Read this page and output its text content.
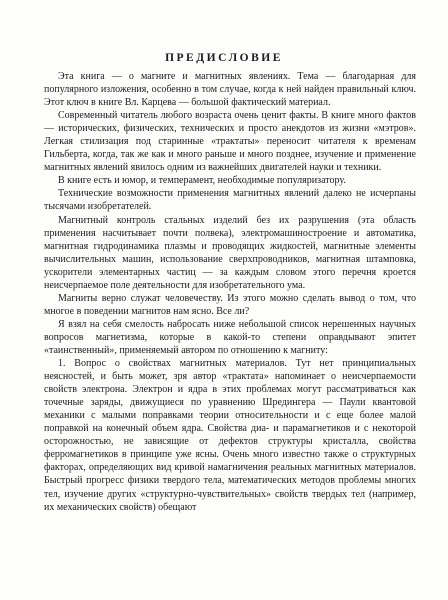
ПРЕДИСЛОВИЕ

Эта книга — о магните и магнитных явлениях. Тема — благодарная для популярного изложения, особенно в том случае, когда к ней найден правильный ключ. Этот ключ в книге Вл. Карцева — большой фактический материал.

Современный читатель любого возраста очень ценит факты. В книге много фактов — исторических, физических, технических и просто анекдотов из жизни «мэтров». Легкая стилизация под старинные «трактаты» переносит читателя к временам Гильберта, когда, так же как и много раньше и много позднее, изучение и применение магнитных явлений явилось одним из важнейших двигателей науки и техники.

В книге есть и юмор, и темперамент, необходимые популяризатору.

Технические возможности применения магнитных явлений далеко не исчерпаны тысячами изобретателей.

Магнитный контроль стальных изделий без их разрушения (эта область применения насчитывает почти полвека), электромашиностроение и автоматика, магнитная гидродинамика плазмы и проводящих жидкостей, магнитные элементы вычислительных машин, использование сверхпроводников, магнитная штамповка, ускорители элементарных частиц — за каждым словом этого перечня кроется неисчерпаемое поле деятельности для изобретательного ума.

Магниты верно служат человечеству. Из этого можно сделать вывод о том, что многое в поведении магнитов нам ясно. Все ли?

Я взял на себя смелость набросать ниже небольшой список нерешенных научных вопросов магнетизма, которые в какой-то степени оправдывают эпитет «таинственный», применяемый автором по отношению к магниту:

1. Вопрос о свойствах магнитных материалов. Тут нет принципиальных неясностей, и быть может, зря автор «трактата» напоминает о неисчерпаемости свойств электрона. Электрон и ядра в этих проблемах могут рассматриваться как точечные заряды, движущиеся по уравнению Шредингера — Паули квантовой механики с малыми поправками теории относительности и с еще более малой поправкой на конечный объем ядра. Свойства диа- и парамагнетиков и с некоторой осторожностью, не зависящие от дефектов структуры кристалла, свойства ферромагнетиков в принципе уже ясны. Очень много известно также о структурных факторах, определяющих вид кривой намагничения реальных магнитных материалов. Быстрый прогресс физики твердого тела, математических методов проблемы многих тел, изучение других «структурно-чувствительных» свойств твердых тел (например, их механических свойств) обещают
